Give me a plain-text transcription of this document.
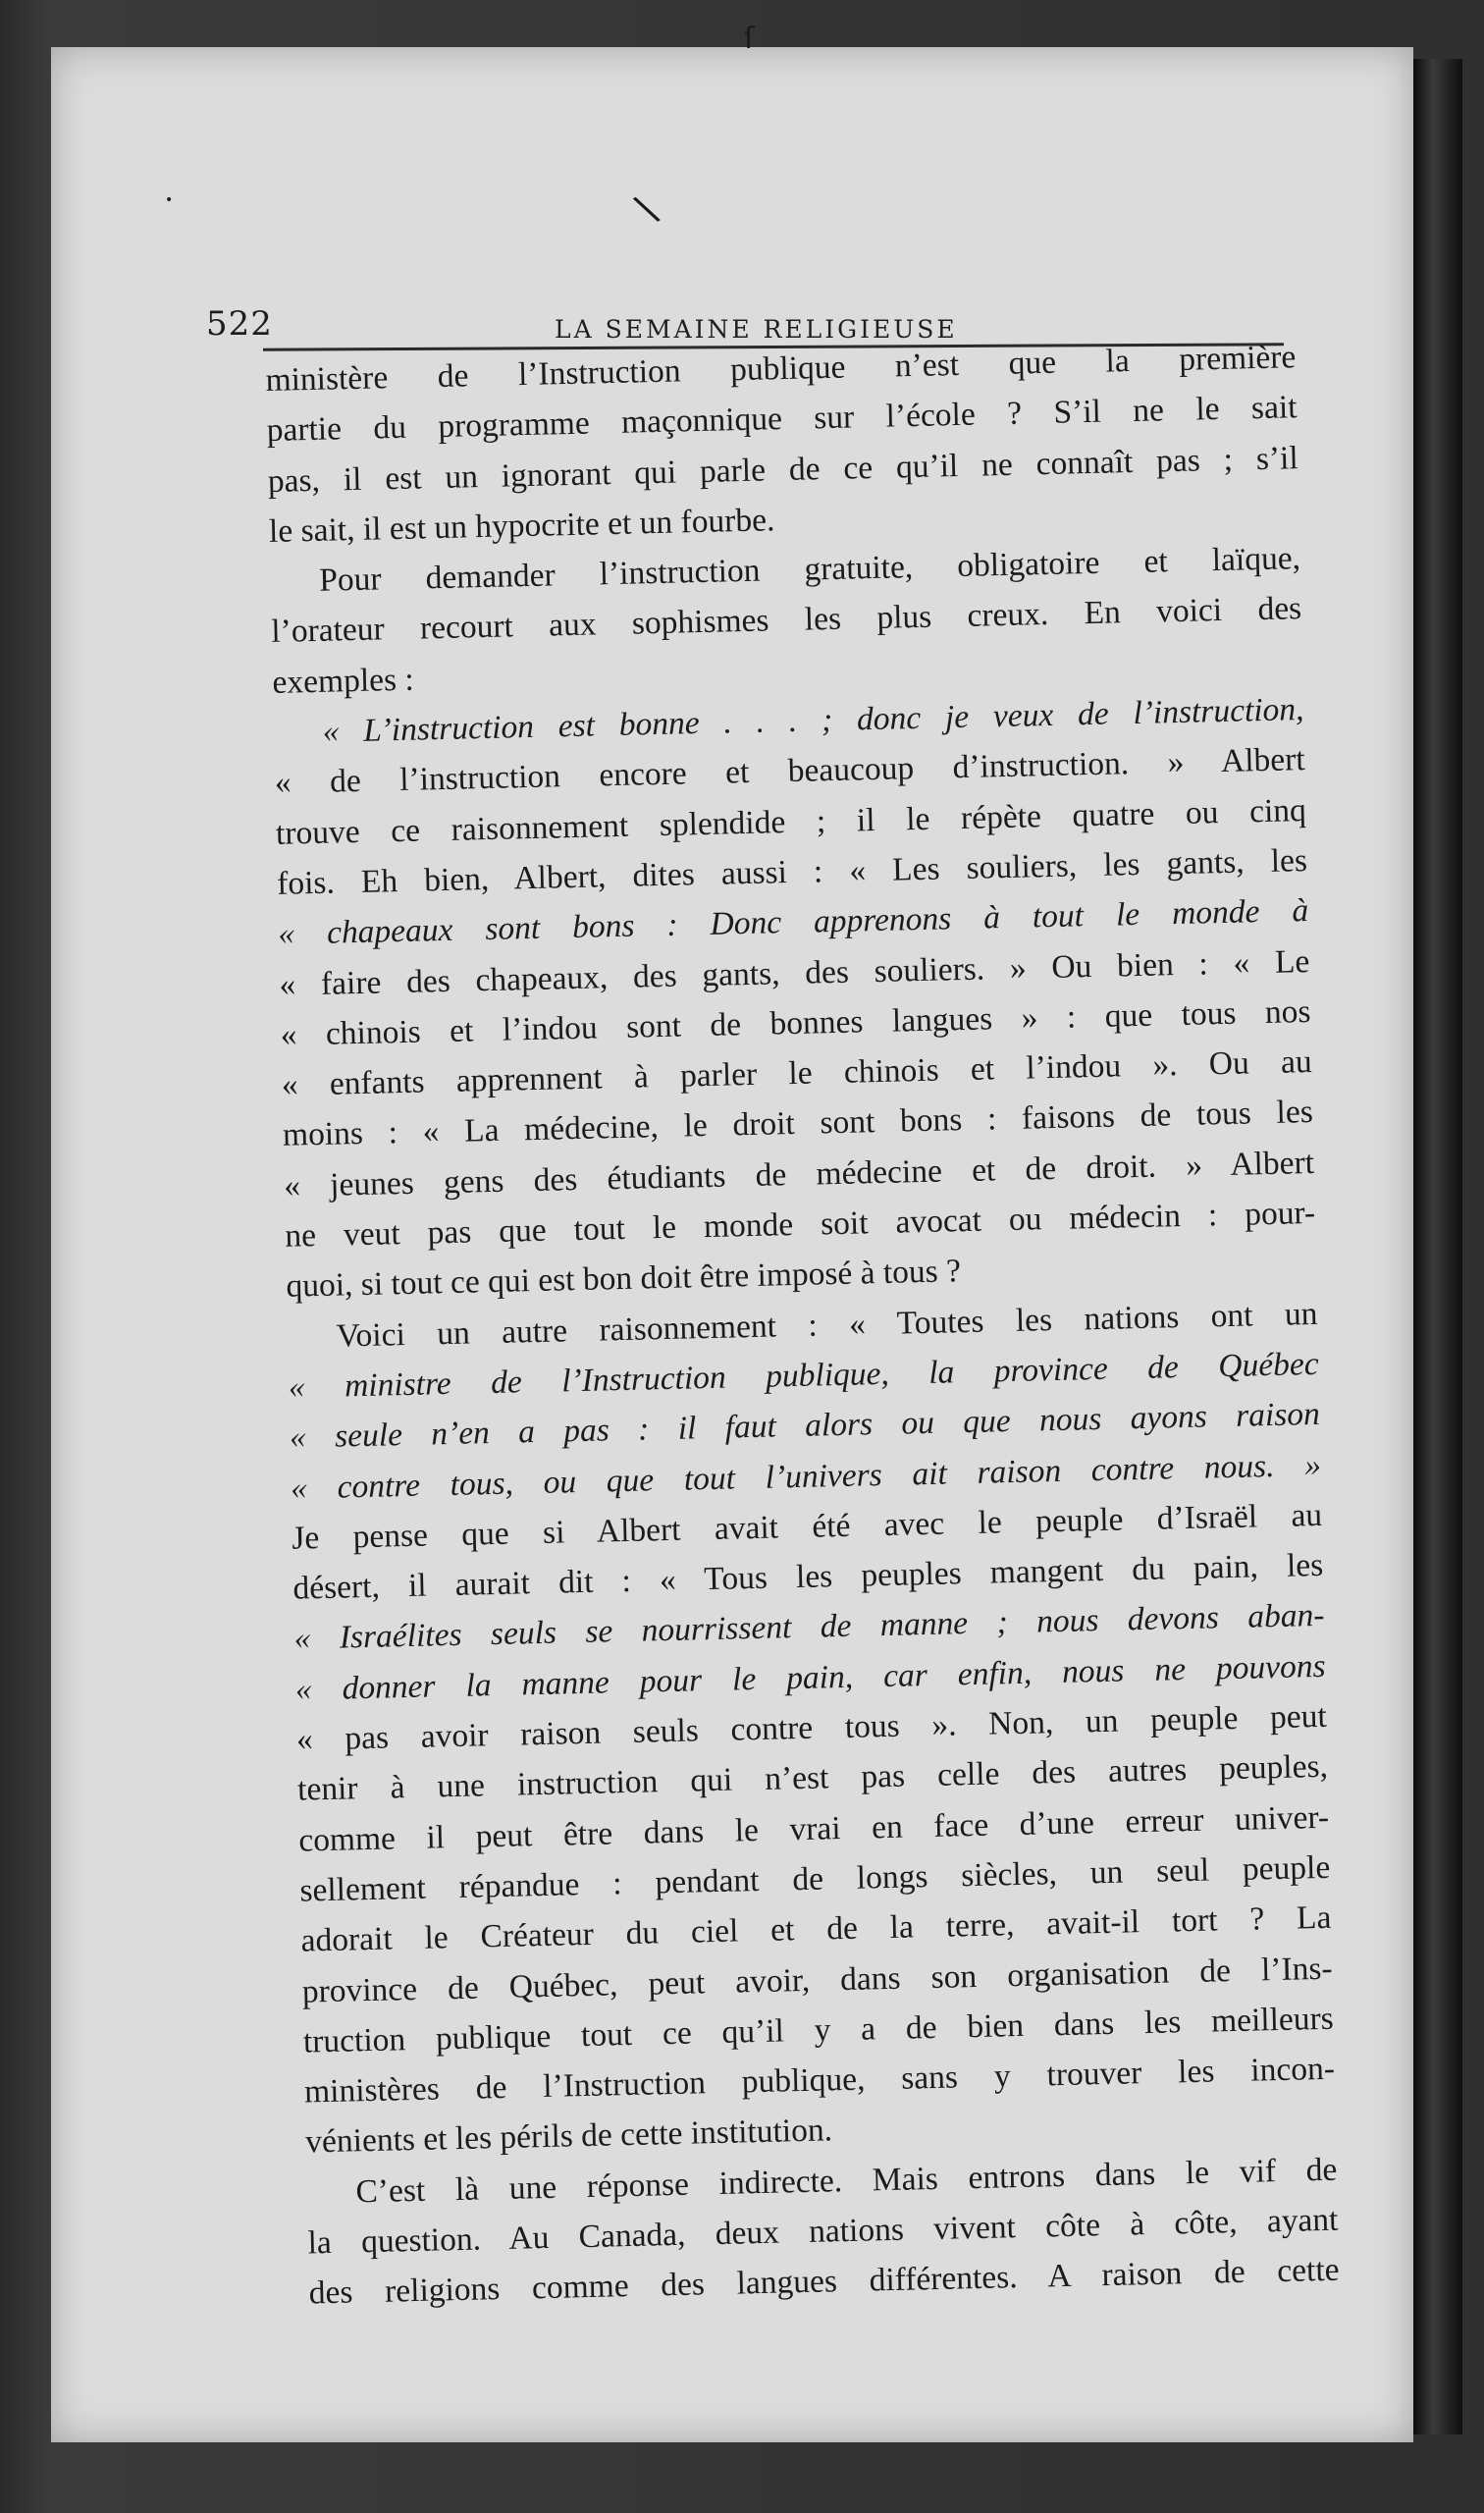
ſ
•	\
522	LA SEMAINE RELIGIEUSE
ministère de l’Instruction publique n’est que la première
partie du programme maçonnique sur l’école ? S’il ne le sait
pas, il est un ignorant qui parle de ce qu’il ne connaît pas ; s’il
le sait, il est un hypocrite et un fourbe.
Pour demander l’instruction gratuite, obligatoire et laïque,
l’orateur recourt aux sophismes les plus creux. En voici des
exemples :
« L’instruction est bonne . . . ; donc je veux de l’instruction,
« de l’instruction encore et beaucoup d’instruction. » Albert
trouve ce raisonnement splendide ; il le répète quatre ou cinq
fois. Eh bien, Albert, dites aussi : « Les souliers, les gants, les
« chapeaux sont bons : Donc apprenons à tout le monde à
« faire des chapeaux, des gants, des souliers. » Ou bien : « Le
« chinois et l’indou sont de bonnes langues » : que tous nos
« enfants apprennent à parler le chinois et l’indou ». Ou au
moins : « La médecine, le droit sont bons : faisons de tous les
« jeunes gens des étudiants de médecine et de droit. » Albert
ne veut pas que tout le monde soit avocat ou médecin : pour-
quoi, si tout ce qui est bon doit être imposé à tous ?
Voici un autre raisonnement : « Toutes les nations ont un
« ministre de l’Instruction publique, la province de Québec
« seule n’en a pas : il faut alors ou que nous ayons raison
« contre tous, ou que tout l’univers ait raison contre nous. »
Je pense que si Albert avait été avec le peuple d’Israël au
désert, il aurait dit : « Tous les peuples mangent du pain, les
« Israélites seuls se nourrissent de manne ; nous devons aban-
« donner la manne pour le pain, car enfin, nous ne pouvons
« pas avoir raison seuls contre tous ». Non, un peuple peut
tenir à une instruction qui n’est pas celle des autres peuples,
comme il peut être dans le vrai en face d’une erreur univer-
sellement répandue : pendant de longs siècles, un seul peuple
adorait le Créateur du ciel et de la terre, avait-il tort ? La
province de Québec, peut avoir, dans son organisation de l’Ins-
truction publique tout ce qu’il y a de bien dans les meilleurs
ministères de l’Instruction publique, sans y trouver les incon-
vénients et les périls de cette institution.
C’est là une réponse indirecte. Mais entrons dans le vif de
la question. Au Canada, deux nations vivent côte à côte, ayant
des religions comme des langues différentes. A raison de cette
